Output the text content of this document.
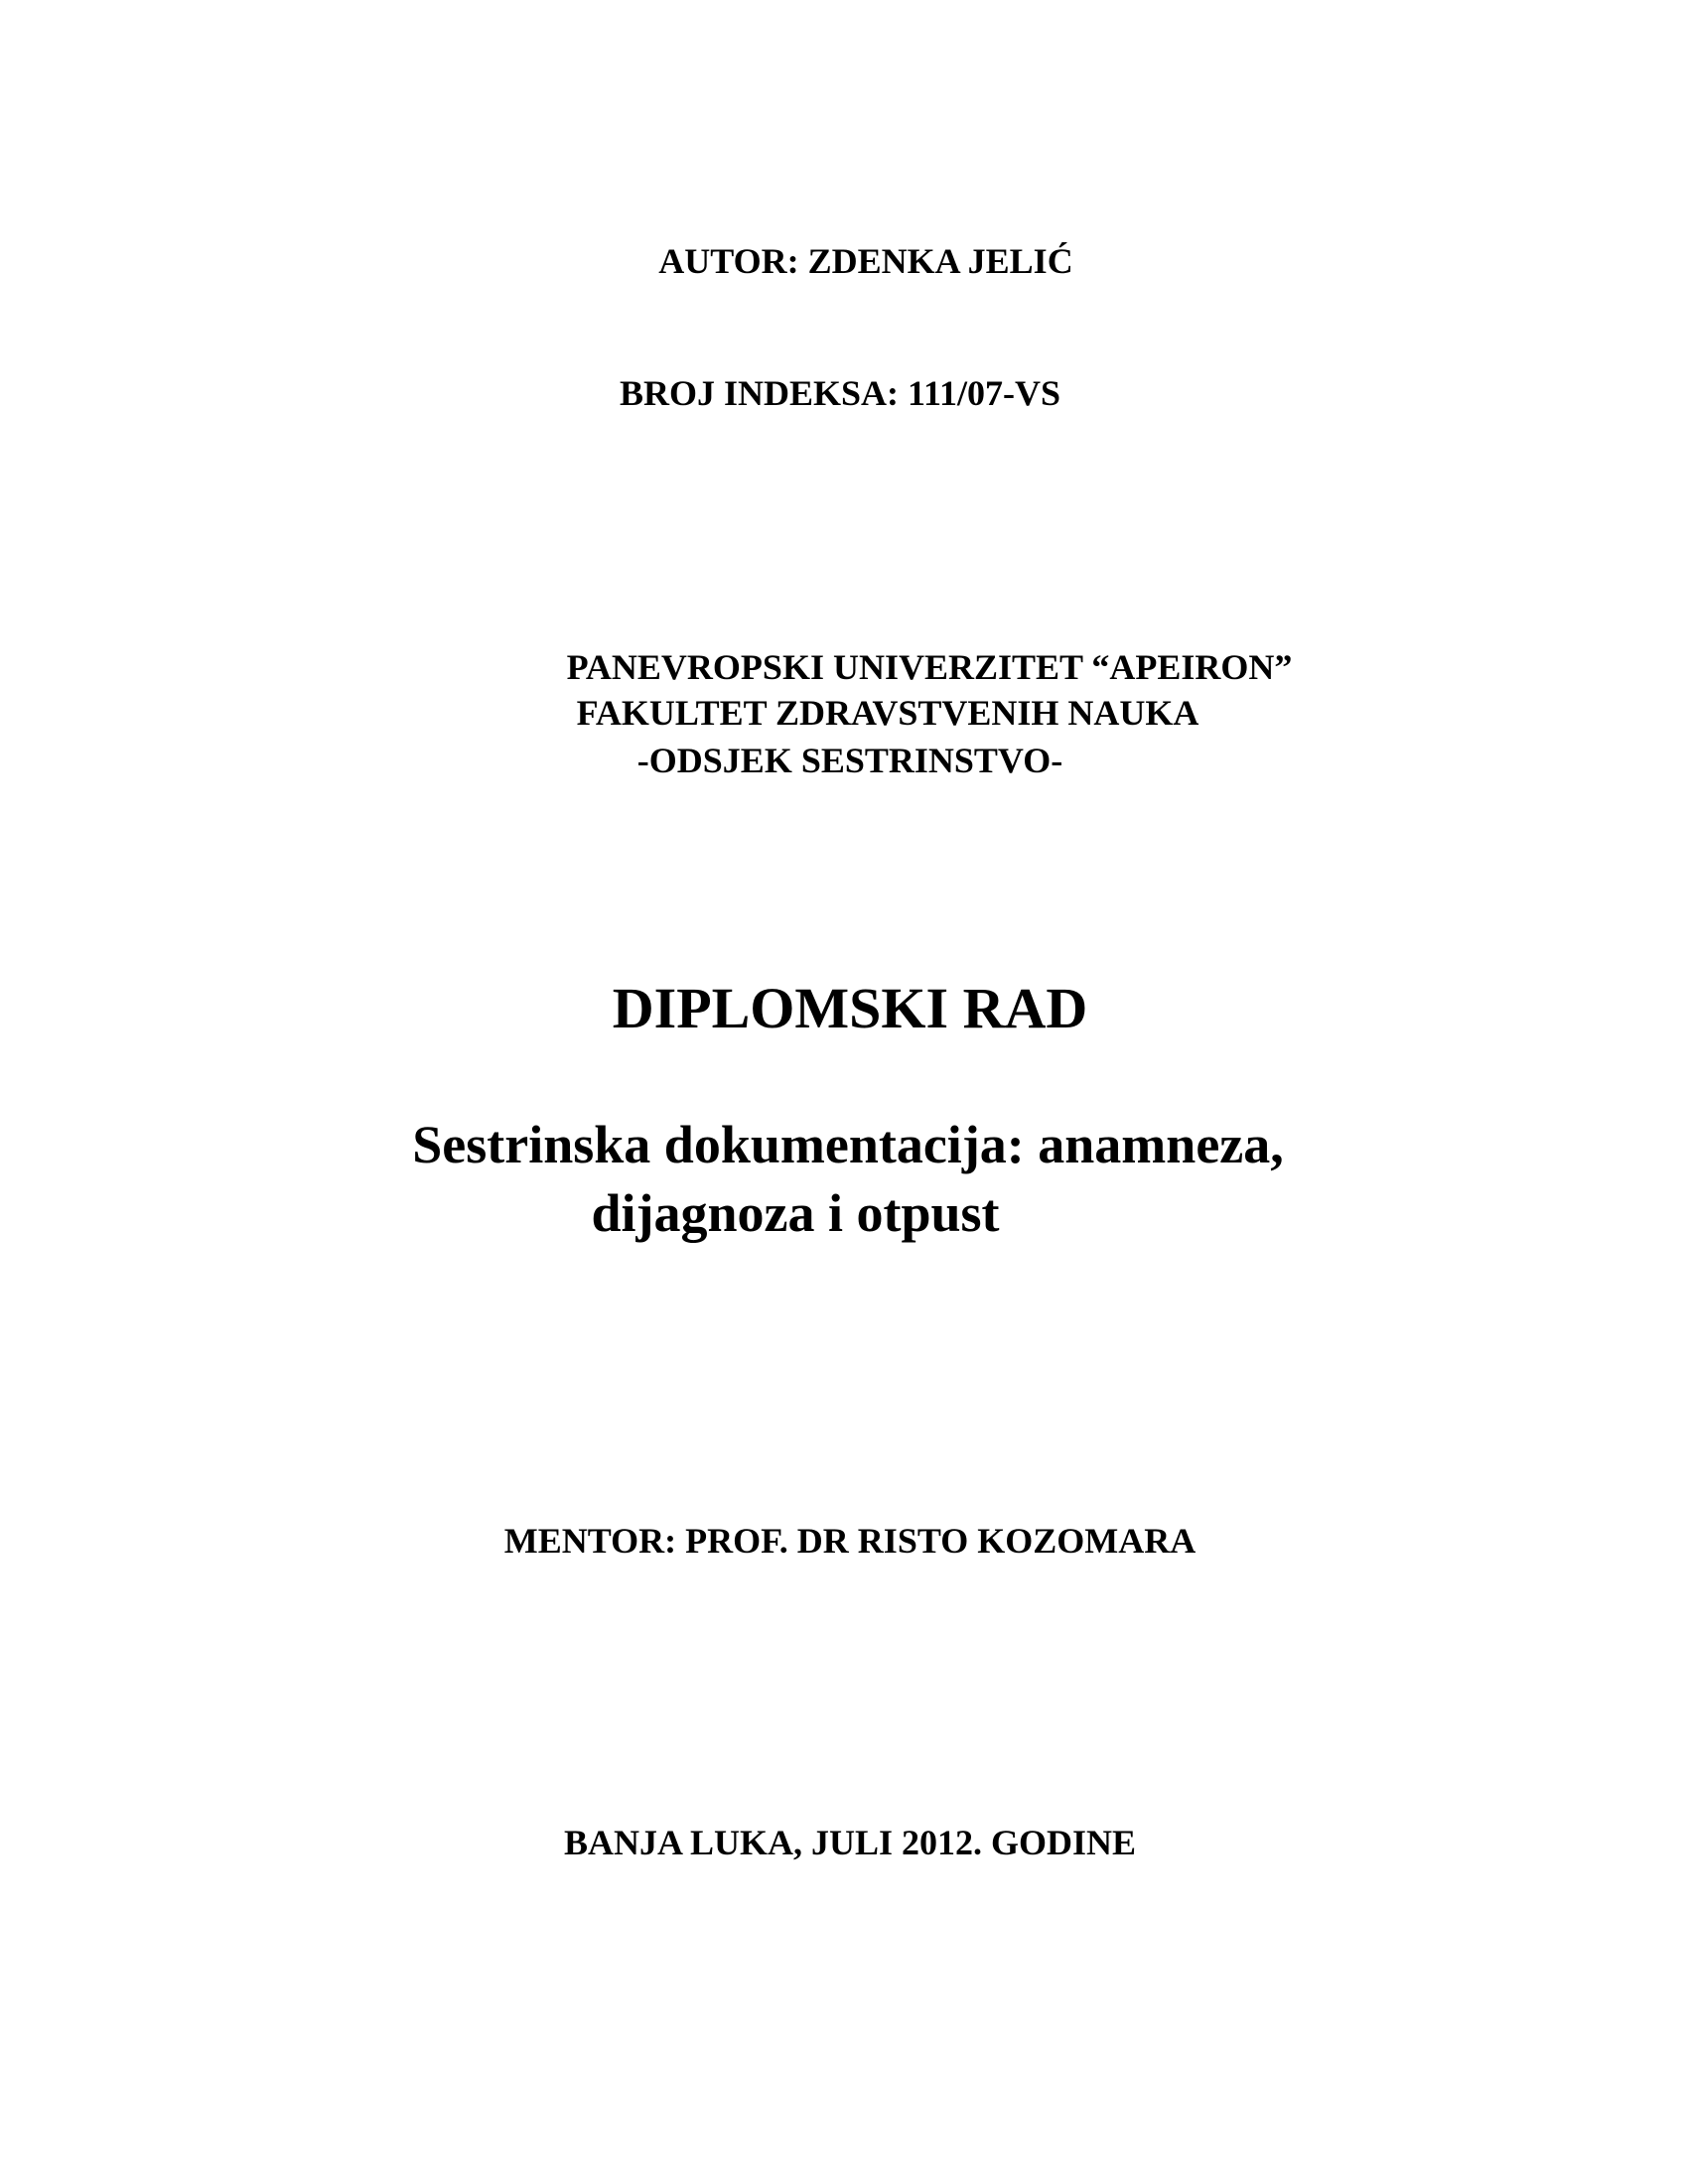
AUTOR: ZDENKA JELIĆ
BROJ INDEKSA: 111/07-VS
PANEVROPSKI UNIVERZITET “APEIRON”
FAKULTET ZDRAVSTVENIH NAUKA
-ODSJEK SESTRINSTVO-
DIPLOMSKI RAD
Sestrinska dokumentacija: anamneza,
dijagnoza i otpust
MENTOR: PROF. DR RISTO KOZOMARA
BANJA LUKA, JULI 2012. GODINE
